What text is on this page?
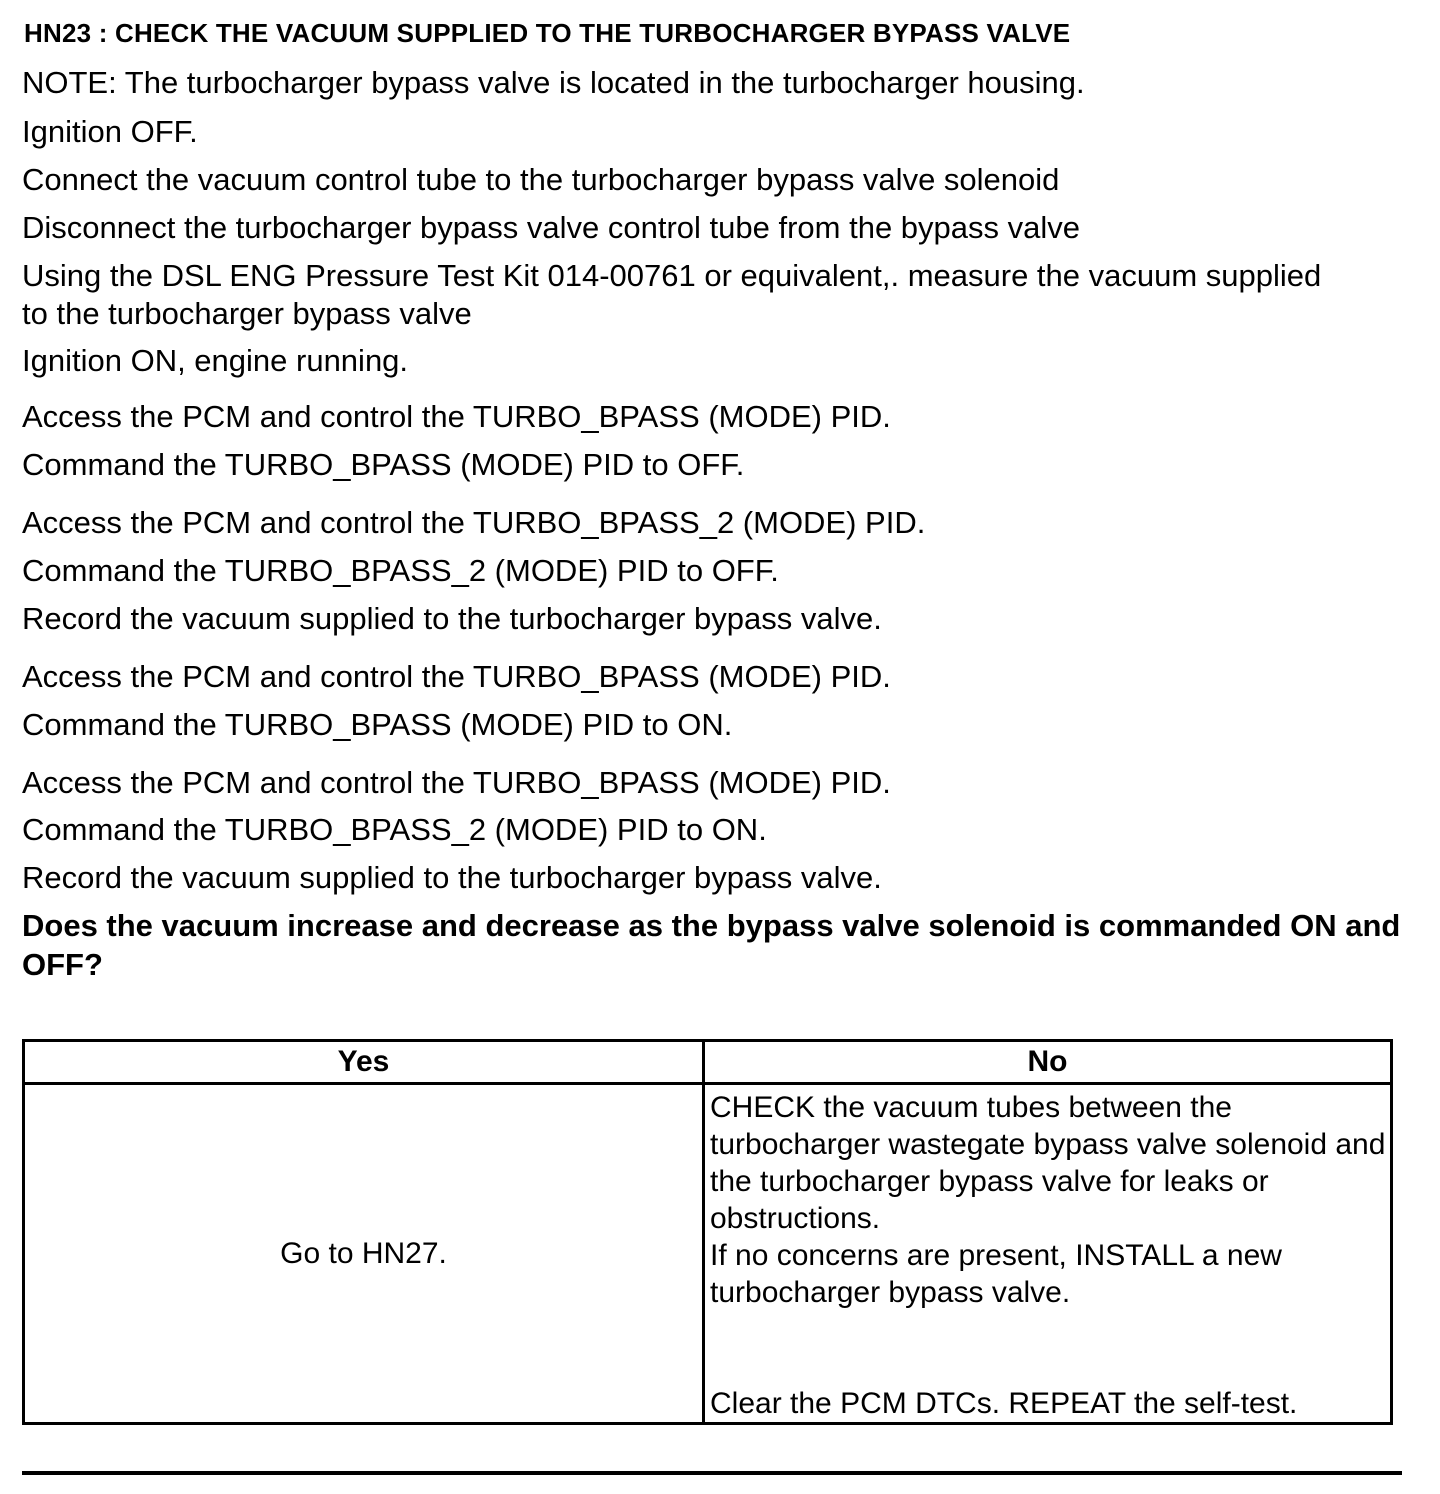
HN23 : CHECK THE VACUUM SUPPLIED TO THE TURBOCHARGER BYPASS VALVE
NOTE: The turbocharger bypass valve is located in the turbocharger housing.
Ignition OFF.
Connect the vacuum control tube to the turbocharger bypass valve solenoid
Disconnect the turbocharger bypass valve control tube from the bypass valve
Using the DSL ENG Pressure Test Kit 014-00761 or equivalent,. measure the vacuum supplied to the turbocharger bypass valve
Ignition ON, engine running.
Access the PCM and control the TURBO_BPASS (MODE) PID.
Command the TURBO_BPASS (MODE) PID to OFF.
Access the PCM and control the TURBO_BPASS_2 (MODE) PID.
Command the TURBO_BPASS_2 (MODE) PID to OFF.
Record the vacuum supplied to the turbocharger bypass valve.
Access the PCM and control the TURBO_BPASS (MODE) PID.
Command the TURBO_BPASS (MODE) PID to ON.
Access the PCM and control the TURBO_BPASS (MODE) PID.
Command the TURBO_BPASS_2 (MODE) PID to ON.
Record the vacuum supplied to the turbocharger bypass valve.
Does the vacuum increase and decrease as the bypass valve solenoid is commanded ON and OFF?
Yes	No
Go to HN27.	CHECK the vacuum tubes between the turbocharger wastegate bypass valve solenoid and the turbocharger bypass valve for leaks or obstructions.
If no concerns are present, INSTALL a new turbocharger bypass valve.
Clear the PCM DTCs. REPEAT the self-test.
